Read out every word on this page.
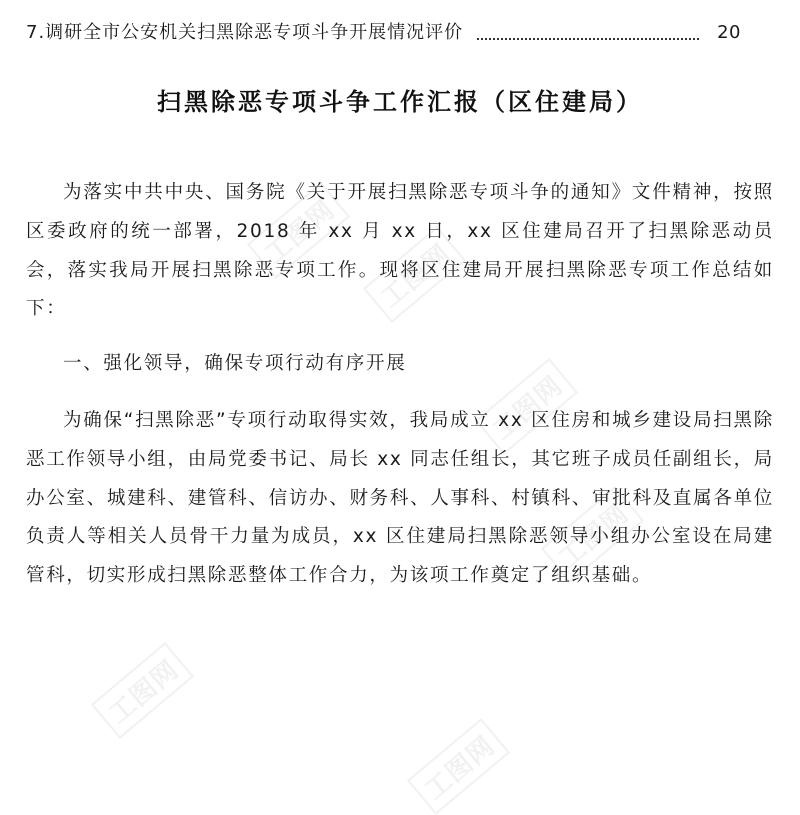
7.调研全市公安机关扫黑除恶专项斗争开展情况评价	20
扫黑除恶专项斗争工作汇报（区住建局）
为落实中共中央、国务院《关于开展扫黑除恶专项斗争的通知》文件精神，按照区委政府的统一部署，2018 年 xx 月 xx 日，xx 区住建局召开了扫黑除恶动员会，落实我局开展扫黑除恶专项工作。现将区住建局开展扫黑除恶专项工作总结如下：
一、强化领导，确保专项行动有序开展
为确保“扫黑除恶”专项行动取得实效，我局成立 xx 区住房和城乡建设局扫黑除恶工作领导小组，由局党委书记、局长 xx 同志任组长，其它班子成员任副组长，局办公室、城建科、建管科、信访办、财务科、人事科、村镇科、审批科及直属各单位负责人等相关人员骨干力量为成员，xx 区住建局扫黑除恶领导小组办公室设在局建管科，切实形成扫黑除恶整体工作合力，为该项工作奠定了组织基础。
工图网
工图网
工图网
工图网
工图网
工图网
